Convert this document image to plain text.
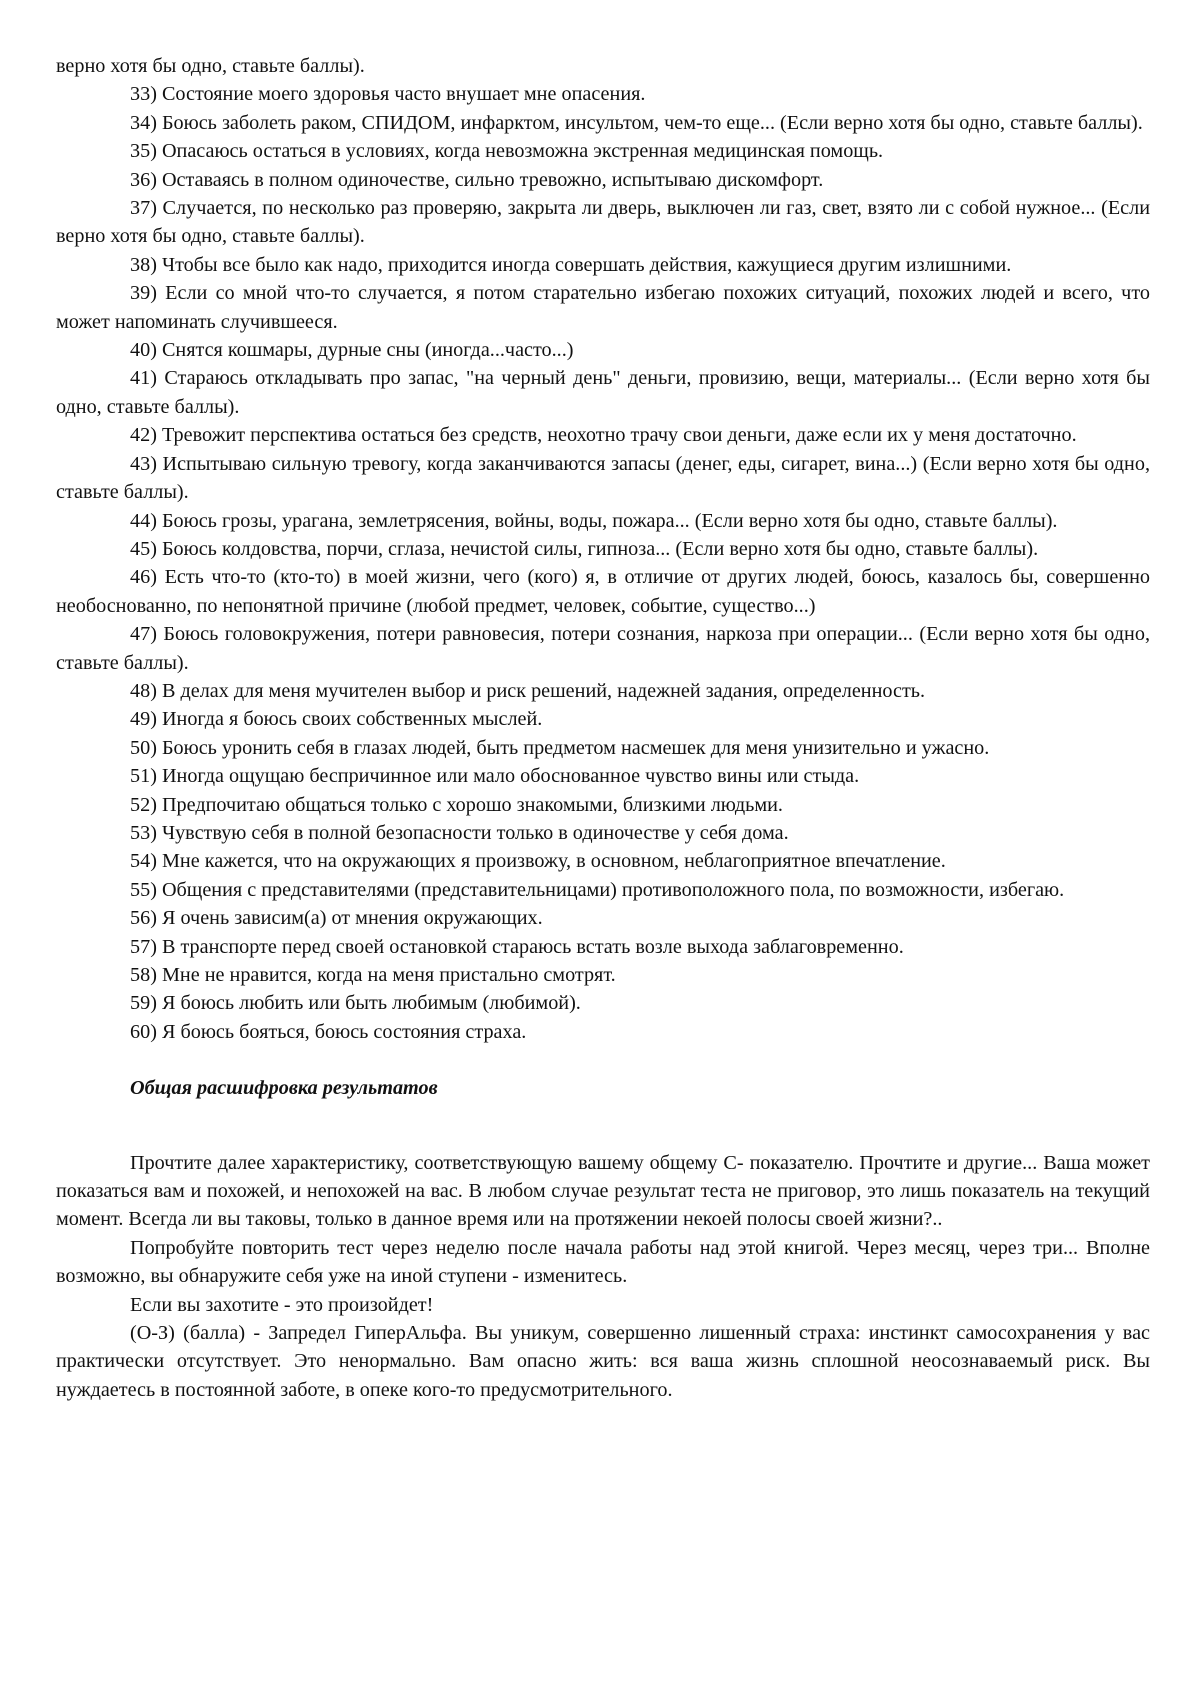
верно хотя бы одно, ставьте баллы).

33) Состояние моего здоровья часто внушает мне опасения.

34) Боюсь заболеть раком, СПИДОМ, инфарктом, инсультом, чем-то еще... (Если верно хотя бы одно, ставьте баллы).

35) Опасаюсь остаться в условиях, когда невозможна экстренная медицинская помощь.

36) Оставаясь в полном одиночестве, сильно тревожно, испытываю дискомфорт.

37) Случается, по несколько раз проверяю, закрыта ли дверь, выключен ли газ, свет, взято ли с собой нужное... (Если верно хотя бы одно, ставьте баллы).

38) Чтобы все было как надо, приходится иногда совершать действия, кажущиеся другим излишними.

39) Если со мной что-то случается, я потом старательно избегаю похожих ситуаций, похожих людей и всего, что может напоминать случившееся.

40) Снятся кошмары, дурные сны (иногда...часто...)

41) Стараюсь откладывать про запас, "на черный день" деньги, провизию, вещи, материалы... (Если верно хотя бы одно, ставьте баллы).

42) Тревожит перспектива остаться без средств, неохотно трачу свои деньги, даже если их у меня достаточно.

43) Испытываю сильную тревогу, когда заканчиваются запасы (денег, еды, сигарет, вина...) (Если верно хотя бы одно, ставьте баллы).

44) Боюсь грозы, урагана, землетрясения, войны, воды, пожара... (Если верно хотя бы одно, ставьте баллы).

45) Боюсь колдовства, порчи, сглаза, нечистой силы, гипноза... (Если верно хотя бы одно, ставьте баллы).

46) Есть что-то (кто-то) в моей жизни, чего (кого) я, в отличие от других людей, боюсь, казалось бы, совершенно необоснованно, по непонятной причине (любой предмет, человек, событие, существо...)

47) Боюсь головокружения, потери равновесия, потери сознания, наркоза при операции... (Если верно хотя бы одно, ставьте баллы).

48) В делах для меня мучителен выбор и риск решений, надежней задания, определенность.

49) Иногда я боюсь своих собственных мыслей.

50) Боюсь уронить себя в глазах людей, быть предметом насмешек для меня унизительно и ужасно.

51) Иногда ощущаю беспричинное или мало обоснованное чувство вины или стыда.

52) Предпочитаю общаться только с хорошо знакомыми, близкими людьми.

53) Чувствую себя в полной безопасности только в одиночестве у себя дома.

54) Мне кажется, что на окружающих я произвожу, в основном, неблагоприятное впечатление.

55) Общения с представителями (представительницами) противоположного пола, по возможности, избегаю.

56) Я очень зависим(а) от мнения окружающих.

57) В транспорте перед своей остановкой стараюсь встать возле выхода заблаговременно.

58) Мне не нравится, когда на меня пристально смотрят.

59) Я боюсь любить или быть любимым (любимой).

60) Я боюсь бояться, боюсь состояния страха.

Общая расшифровка результатов

Прочтите далее характеристику, соответствующую вашему общему С- показателю. Прочтите и другие... Ваша может показаться вам и похожей, и непохожей на вас. В любом случае результат теста не приговор, это лишь показатель на текущий момент. Всегда ли вы таковы, только в данное время или на протяжении некоей полосы своей жизни?..

Попробуйте повторить тест через неделю после начала работы над этой книгой. Через месяц, через три... Вполне возможно, вы обнаружите себя уже на иной ступени - изменитесь.

Если вы захотите - это произойдет!

(О-З) (балла) - Запредел ГиперАльфа. Вы уникум, совершенно лишенный страха: инстинкт самосохранения у вас практически отсутствует. Это ненормально. Вам опасно жить: вся ваша жизнь сплошной неосознаваемый риск. Вы нуждаетесь в постоянной заботе, в опеке кого-то предусмотрительного.
